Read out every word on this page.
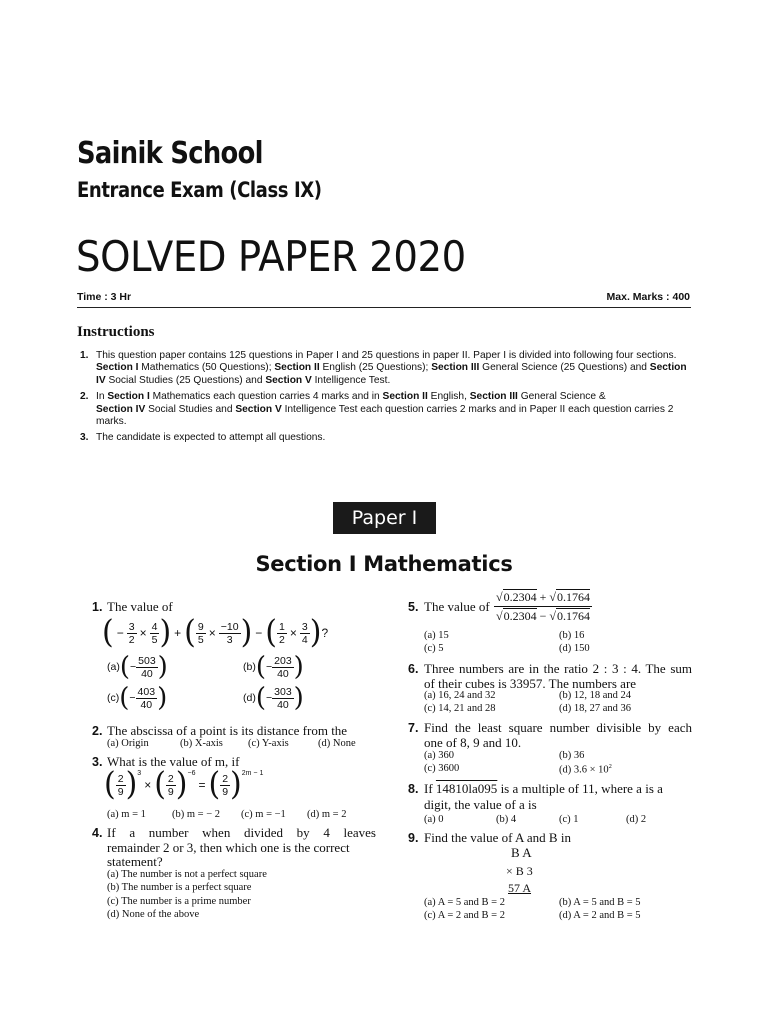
Sainik School
Entrance Exam (Class IX)
SOLVED PAPER 2020
Time : 3 Hr	Max. Marks : 400
Instructions
1. This question paper contains 125 questions in Paper I and 25 questions in paper II. Paper I is divided into following four sections.
Section I Mathematics (50 Questions); Section II English (25 Questions); Section III General Science (25 Questions) and Section IV Social Studies (25 Questions) and Section V Intelligence Test.
2. In Section I Mathematics each question carries 4 marks and in Section II English, Section III General Science &
Section IV Social Studies and Section V Intelligence Test each question carries 2 marks and in Paper II each question carries 2 marks.
3. The candidate is expected to attempt all questions.
Paper I
Section I Mathematics
1. The value of
( − $\frac{3}{2} \times \frac{4}{5}$ ) + ( $\frac{9}{5} \times \frac{-10}{3}$ ) − ( $\frac{1}{2} \times \frac{3}{4}$ ) ?
(a) ( − $\frac{503}{40}$ )	(b) ( − $\frac{203}{40}$ )
(c) ( − $\frac{403}{40}$ )	(d) ( − $\frac{303}{40}$ )
2. The abscissa of a point is its distance from the
(a) Origin	(b) X-axis (c) Y-axis	(d) None
3. What is the value of m, if
( $\frac{2}{9}$ ) 3
× ( $\frac{2}{9}$ ) −6
= ( $\frac{2}{9}$ ) 2m − 1
(a) m = 1 (b) m = − 2 (c) m = −1 (d) m = 2
4. If a number when divided by 4 leaves
remainder 2 or 3, then which one is the correct
statement?
(a) The number is not a perfect square
(b) The number is a perfect square
(c) The number is a prime number
(d) None of the above
5. The value of $\frac{√0.2304 + √0.1764}{√0.2304 - √0.1764}$
(a) 15	(b) 16
(c) 5	(d) 150
6. Three numbers are in the ratio 2 : 3 : 4. The sum
of their cubes is 33957. The numbers are
(a) 16, 24 and 32	(b) 12, 18 and 24
(c) 14, 21 and 28	(d) 18, 27 and 36
7. Find the least square number divisible by each
one of 8, 9 and 10.
(a) 360	(b) 36
(c) 3600	(d) $3.6 \times 10^2$
8. If 14810la095 is a multiple of 11, where a is a
digit, the value of a is
(a) 0	(b) 4	(c) 1	(d) 2
9. Find the value of A and B in
B A
× B 3
57 A
(a) A = 5 and B = 2	(b) A = 5 and B = 5
(c) A = 2 and B = 2	(d) A = 2 and B = 5
